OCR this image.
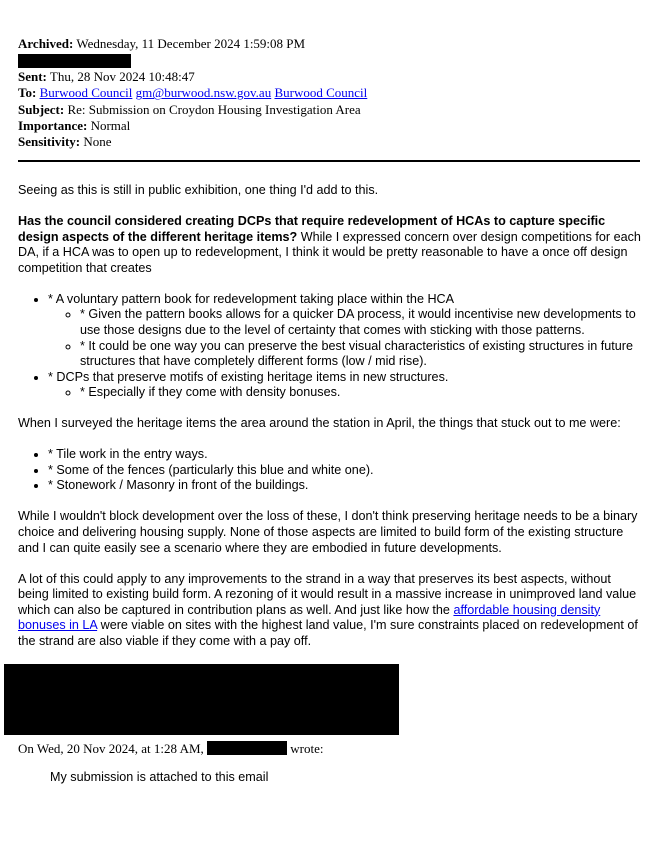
Archived: Wednesday, 11 December 2024 1:59:08 PM
Sent: Thu, 28 Nov 2024 10:48:47
To: Burwood Council gm@burwood.nsw.gov.au Burwood Council
Subject: Re: Submission on Croydon Housing Investigation Area
Importance: Normal
Sensitivity: None

Seeing as this is still in public exhibition, one thing I'd add to this.

Has the council considered creating DCPs that require redevelopment of HCAs to capture specific design aspects of the different heritage items? While I expressed concern over design competitions for each DA, if a HCA was to open up to redevelopment, I think it would be pretty reasonable to have a once off design competition that creates

• * A voluntary pattern book for redevelopment taking place within the HCA
◦ * Given the pattern books allows for a quicker DA process, it would incentivise new developments to use those designs due to the level of certainty that comes with sticking with those patterns.
◦ * It could be one way you can preserve the best visual characteristics of existing structures in future structures that have completely different forms (low / mid rise).
• * DCPs that preserve motifs of existing heritage items in new structures.
◦ * Especially if they come with density bonuses.

When I surveyed the heritage items the area around the station in April, the things that stuck out to me were:

• * Tile work in the entry ways.
• * Some of the fences (particularly this blue and white one).
• * Stonework / Masonry in front of the buildings.

While I wouldn't block development over the loss of these, I don't think preserving heritage needs to be a binary choice and delivering housing supply. None of those aspects are limited to build form of the existing structure and I can quite easily see a scenario where they are embodied in future developments.

A lot of this could apply to any improvements to the strand in a way that preserves its best aspects, without being limited to existing build form. A rezoning of it would result in a massive increase in unimproved land value which can also be captured in contribution plans as well. And just like how the affordable housing density bonuses in LA were viable on sites with the highest land value, I'm sure constraints placed on redevelopment of the strand are also viable if they come with a pay off.

On Wed, 20 Nov 2024, at 1:28 AM,	wrote:
My submission is attached to this email
